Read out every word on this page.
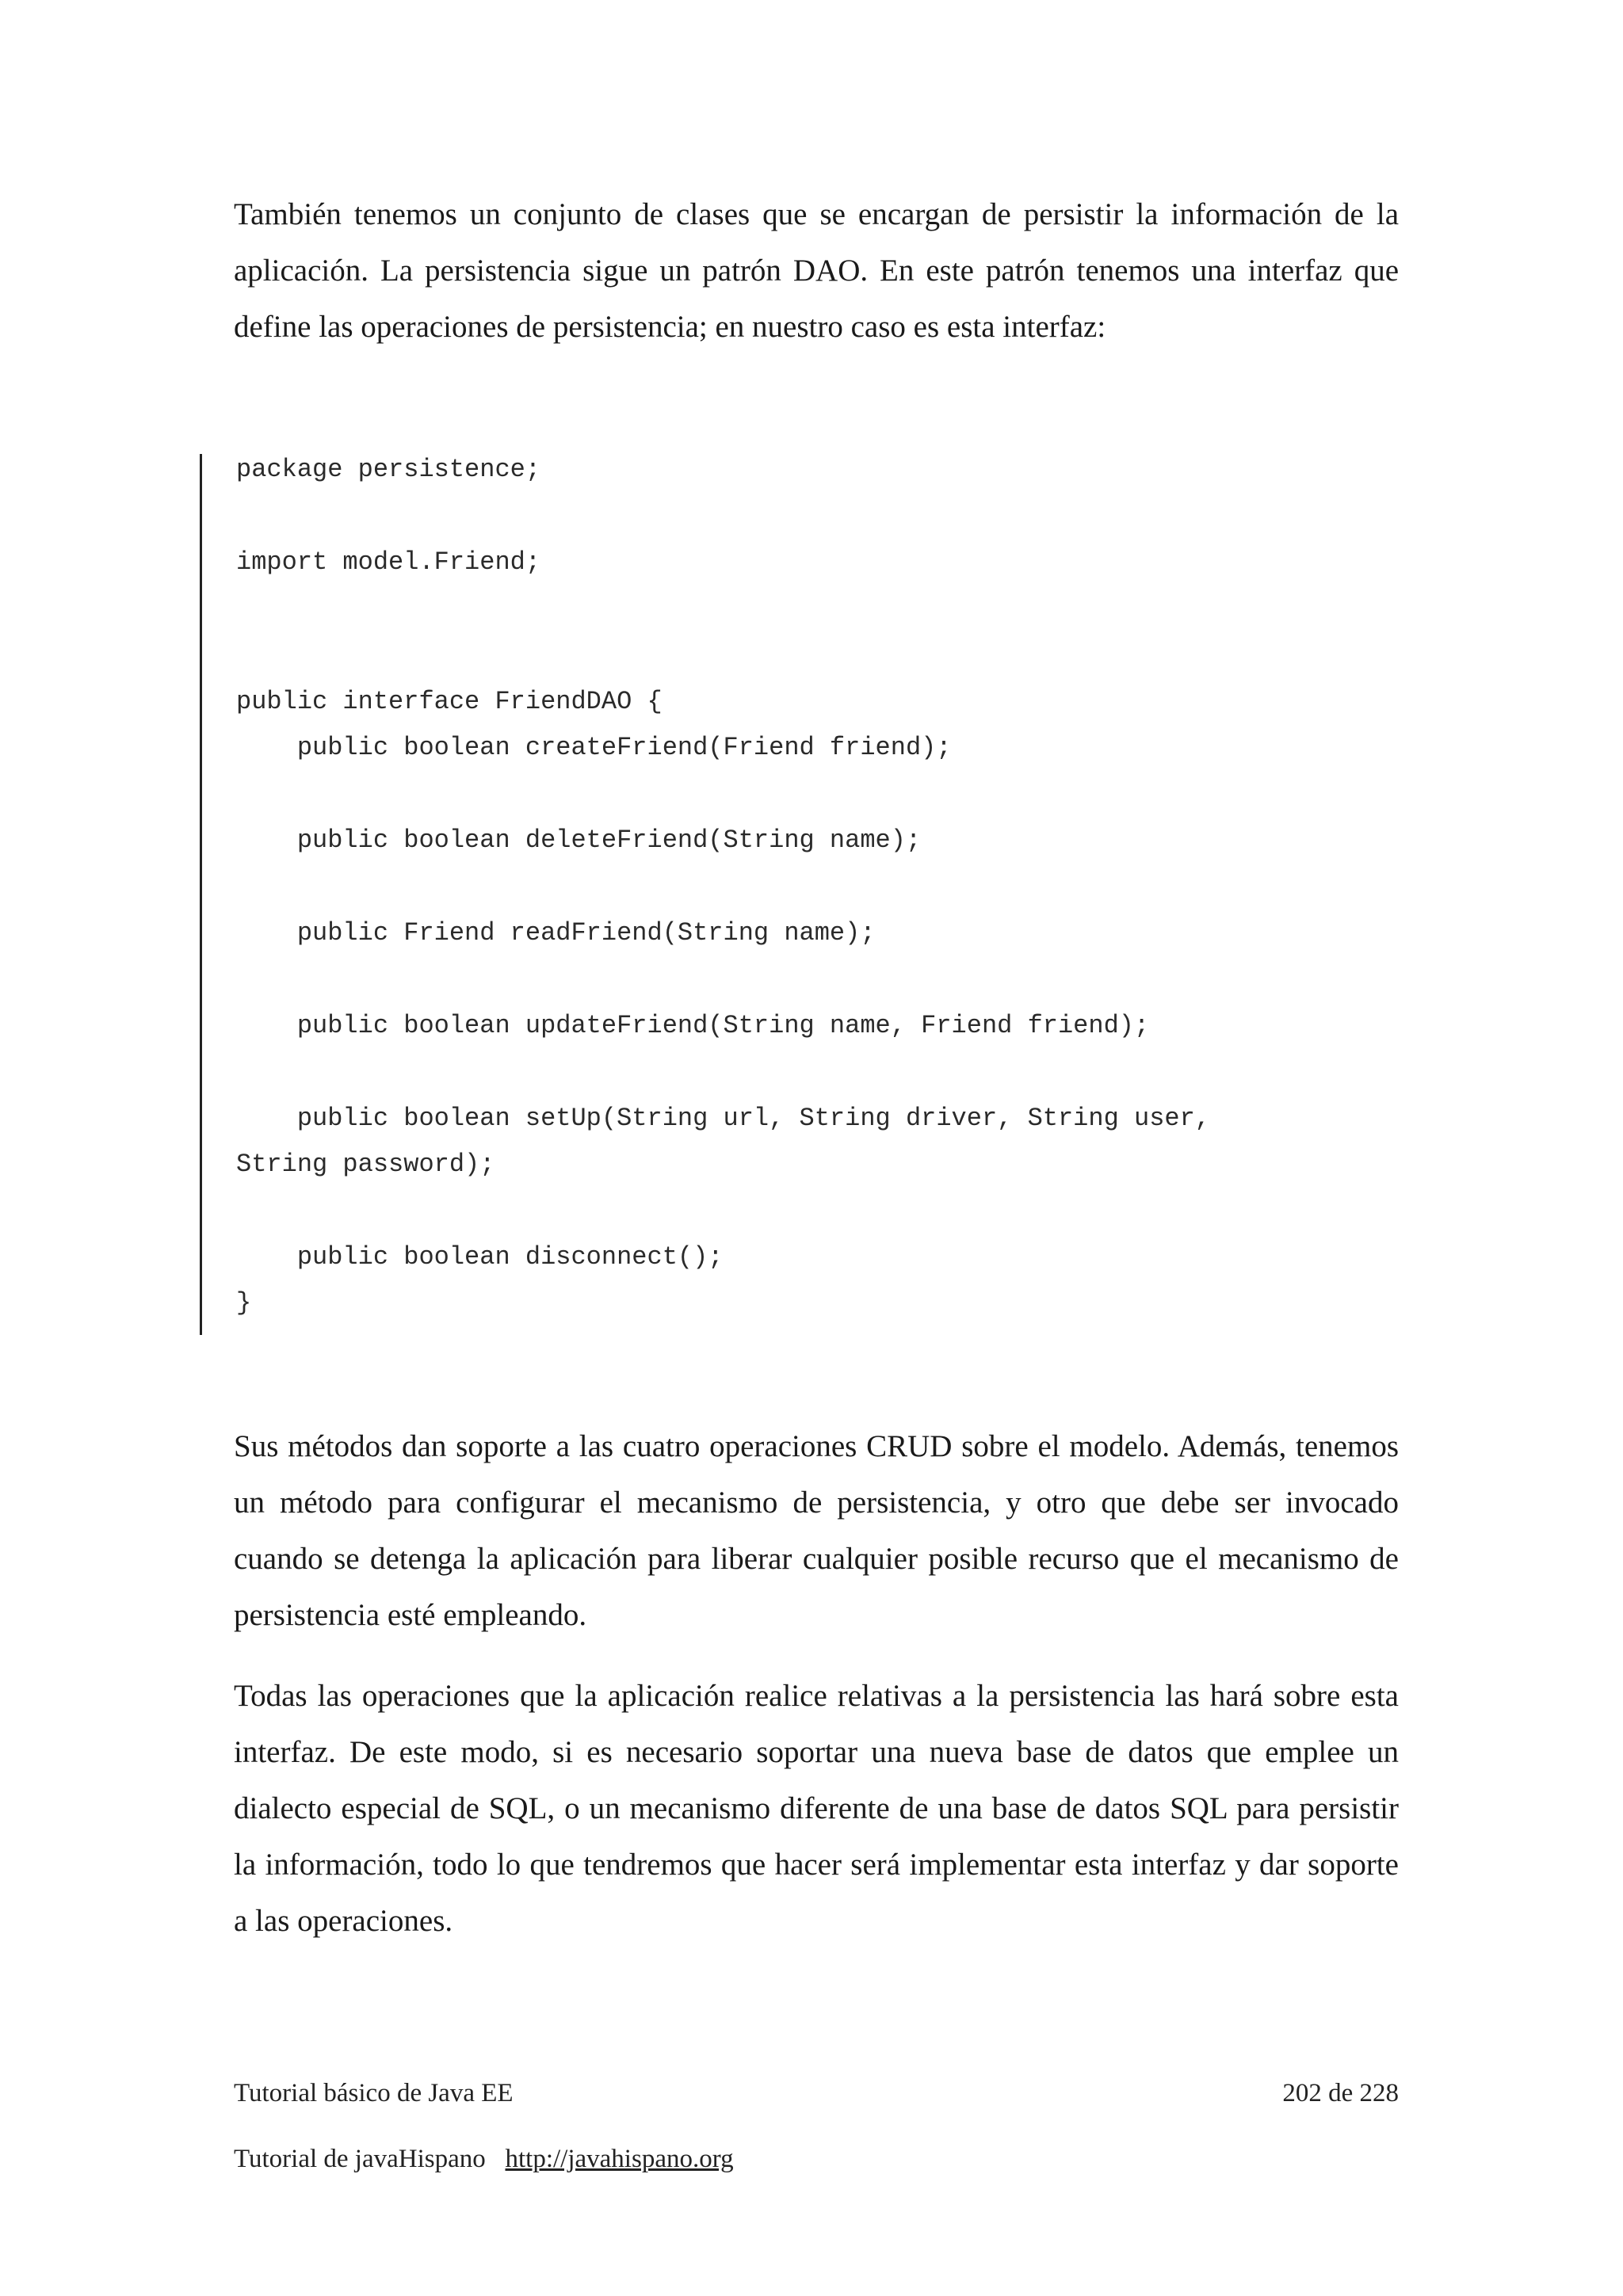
También tenemos un conjunto de clases que se encargan de persistir la información de la aplicación. La persistencia sigue un patrón DAO. En este patrón tenemos una interfaz que define las operaciones de persistencia; en nuestro caso es esta interfaz:

package persistence;
import model.Friend;
public interface FriendDAO {
public boolean createFriend(Friend friend);
public boolean deleteFriend(String name);
public Friend readFriend(String name);
public boolean updateFriend(String name, Friend friend);
public boolean setUp(String url, String driver, String user,
String password);
public boolean disconnect();
}

Sus métodos dan soporte a las cuatro operaciones CRUD sobre el modelo. Además, tenemos un método para configurar el mecanismo de persistencia, y otro que debe ser invocado cuando se detenga la aplicación para liberar cualquier posible recurso que el mecanismo de persistencia esté empleando.

Todas las operaciones que la aplicación realice relativas a la persistencia las hará sobre esta interfaz. De este modo, si es necesario soportar una nueva base de datos que emplee un dialecto especial de SQL, o un mecanismo diferente de una base de datos SQL para persistir la información, todo lo que tendremos que hacer será implementar esta interfaz y dar soporte a las operaciones.

Tutorial básico de Java EE	202 de 228
Tutorial de javaHispano http://javahispano.org
